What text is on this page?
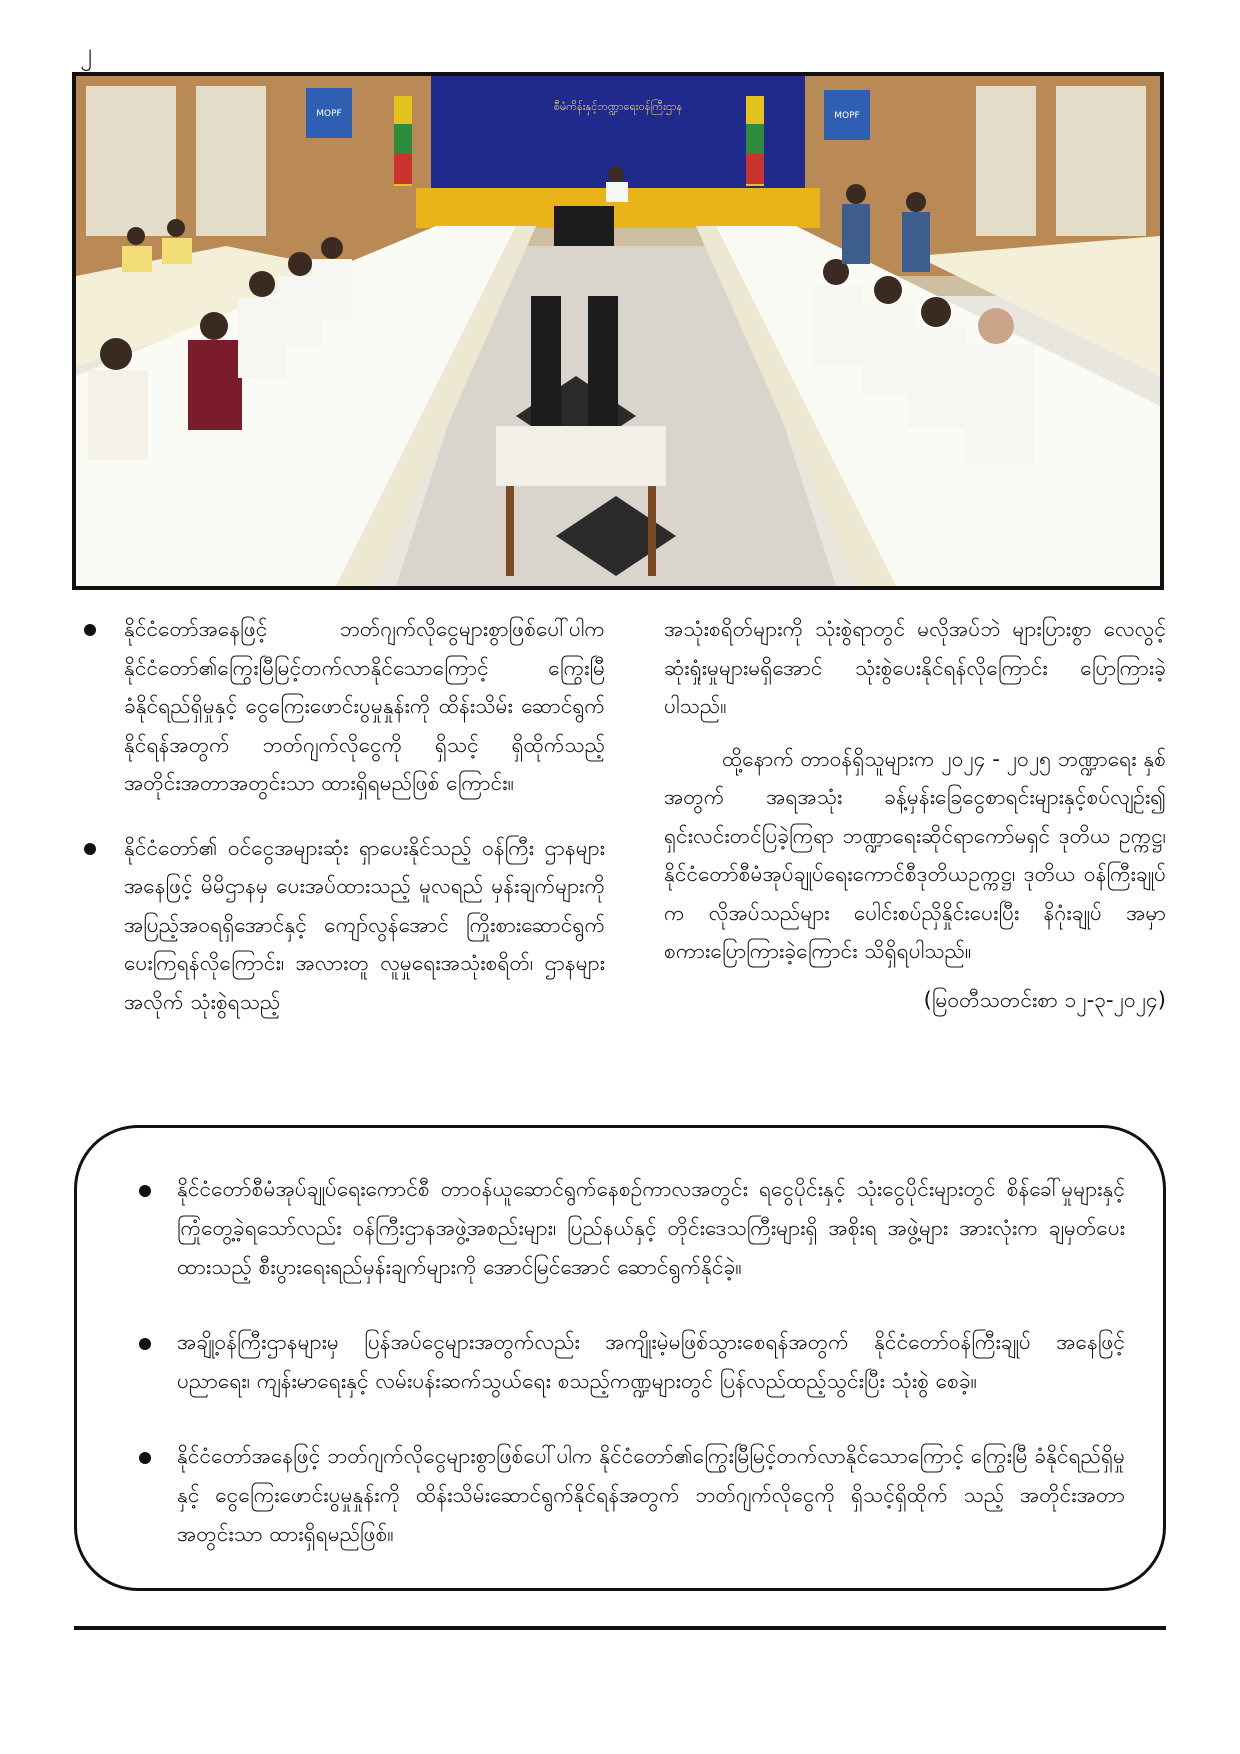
၂
စီမံကိန်းနှင့်ဘဏ္ဍာရေးဝန်ကြီးဌာန
MOPF	MOPF
နိုင်ငံတော်အနေဖြင့် ဘတ်ဂျက်လိုငွေများစွာဖြစ်ပေါ်ပါက နိုင်ငံတော်၏ကြွေးမြီမြင့်တက်လာနိုင်သောကြောင့် ကြွေးမြီ ခံနိုင်ရည်ရှိမှုနှင့် ငွေကြေးဖောင်းပွမှုနှုန်းကို ထိန်းသိမ်း ဆောင်ရွက်နိုင်ရန်အတွက် ဘတ်ဂျက်လိုငွေကို ရှိသင့် ရှိထိုက်သည့် အတိုင်းအတာအတွင်းသာ ထားရှိရမည်ဖြစ် ကြောင်း။
နိုင်ငံတော်၏ ဝင်ငွေအများဆုံး ရှာပေးနိုင်သည့် ဝန်ကြီး ဌာနများအနေဖြင့် မိမိဌာနမှ ပေးအပ်ထားသည့် မူလရည် မှန်းချက်များကို အပြည့်အဝရရှိအောင်နှင့် ကျော်လွန်အောင် ကြိုးစားဆောင်ရွက်ပေးကြရန်လိုကြောင်း၊ အလားတူ လူမှုရေးအသုံးစရိတ်၊ ဌာနများအလိုက် သုံးစွဲရသည့်

အသုံးစရိတ်များကို သုံးစွဲရာတွင် မလိုအပ်ဘဲ များပြားစွာ လေလွင့်ဆုံးရှုံးမှုများမရှိအောင် သုံးစွဲပေးနိုင်ရန်လိုကြောင်း ပြောကြားခဲ့ပါသည်။

ထို့နောက် တာဝန်ရှိသူများက ၂၀၂၄ - ၂၀၂၅ ဘဏ္ဍာရေး နှစ်အတွက် အရအသုံး ခန့်မှန်းခြေငွေစာရင်းများနှင့်စပ်လျဉ်း၍ ရှင်းလင်းတင်ပြခဲ့ကြရာ ဘဏ္ဍာရေးဆိုင်ရာကော်မရှင် ဒုတိယ ဥက္ကဋ္ဌ၊ နိုင်ငံတော်စီမံအုပ်ချုပ်ရေးကောင်စီဒုတိယဥက္ကဋ္ဌ၊ ဒုတိယ ဝန်ကြီးချုပ်က လိုအပ်သည်များ ပေါင်းစပ်ညှိနှိုင်းပေးပြီး နိဂုံးချုပ် အမှာစကားပြောကြားခဲ့ကြောင်း သိရှိရပါသည်။

(မြဝတီသတင်းစာ ၁၂-၃-၂၀၂၄)

နိုင်ငံတော်စီမံအုပ်ချုပ်ရေးကောင်စီ တာဝန်ယူဆောင်ရွက်နေစဉ်ကာလအတွင်း ရငွေပိုင်းနှင့် သုံးငွေပိုင်းများတွင် စိန်ခေါ်မှုများနှင့်ကြုံတွေ့ခဲ့ရသော်လည်း ဝန်ကြီးဌာနအဖွဲ့အစည်းများ၊ ပြည်နယ်နှင့် တိုင်းဒေသကြီးများရှိ အစိုးရ အဖွဲ့များ အားလုံးက ချမှတ်ပေးထားသည့် စီးပွားရေးရည်မှန်းချက်များကို အောင်မြင်အောင် ဆောင်ရွက်နိုင်ခဲ့။
အချို့ဝန်ကြီးဌာနများမှ ပြန်အပ်ငွေများအတွက်လည်း အကျိုးမဲ့မဖြစ်သွားစေရန်အတွက် နိုင်ငံတော်ဝန်ကြီးချုပ် အနေဖြင့် ပညာရေး၊ ကျန်းမာရေးနှင့် လမ်းပန်းဆက်သွယ်ရေး စသည့်ကဏ္ဍများတွင် ပြန်လည်ထည့်သွင်းပြီး သုံးစွဲ စေခဲ့။
နိုင်ငံတော်အနေဖြင့် ဘတ်ဂျက်လိုငွေများစွာဖြစ်ပေါ်ပါက နိုင်ငံတော်၏ကြွေးမြီမြင့်တက်လာနိုင်သောကြောင့် ကြွေးမြီ ခံနိုင်ရည်ရှိမှုနှင့် ငွေကြေးဖောင်းပွမှုနှုန်းကို ထိန်းသိမ်းဆောင်ရွက်နိုင်ရန်အတွက် ဘတ်ဂျက်လိုငွေကို ရှိသင့်ရှိထိုက် သည့် အတိုင်းအတာအတွင်းသာ ထားရှိရမည်ဖြစ်။
